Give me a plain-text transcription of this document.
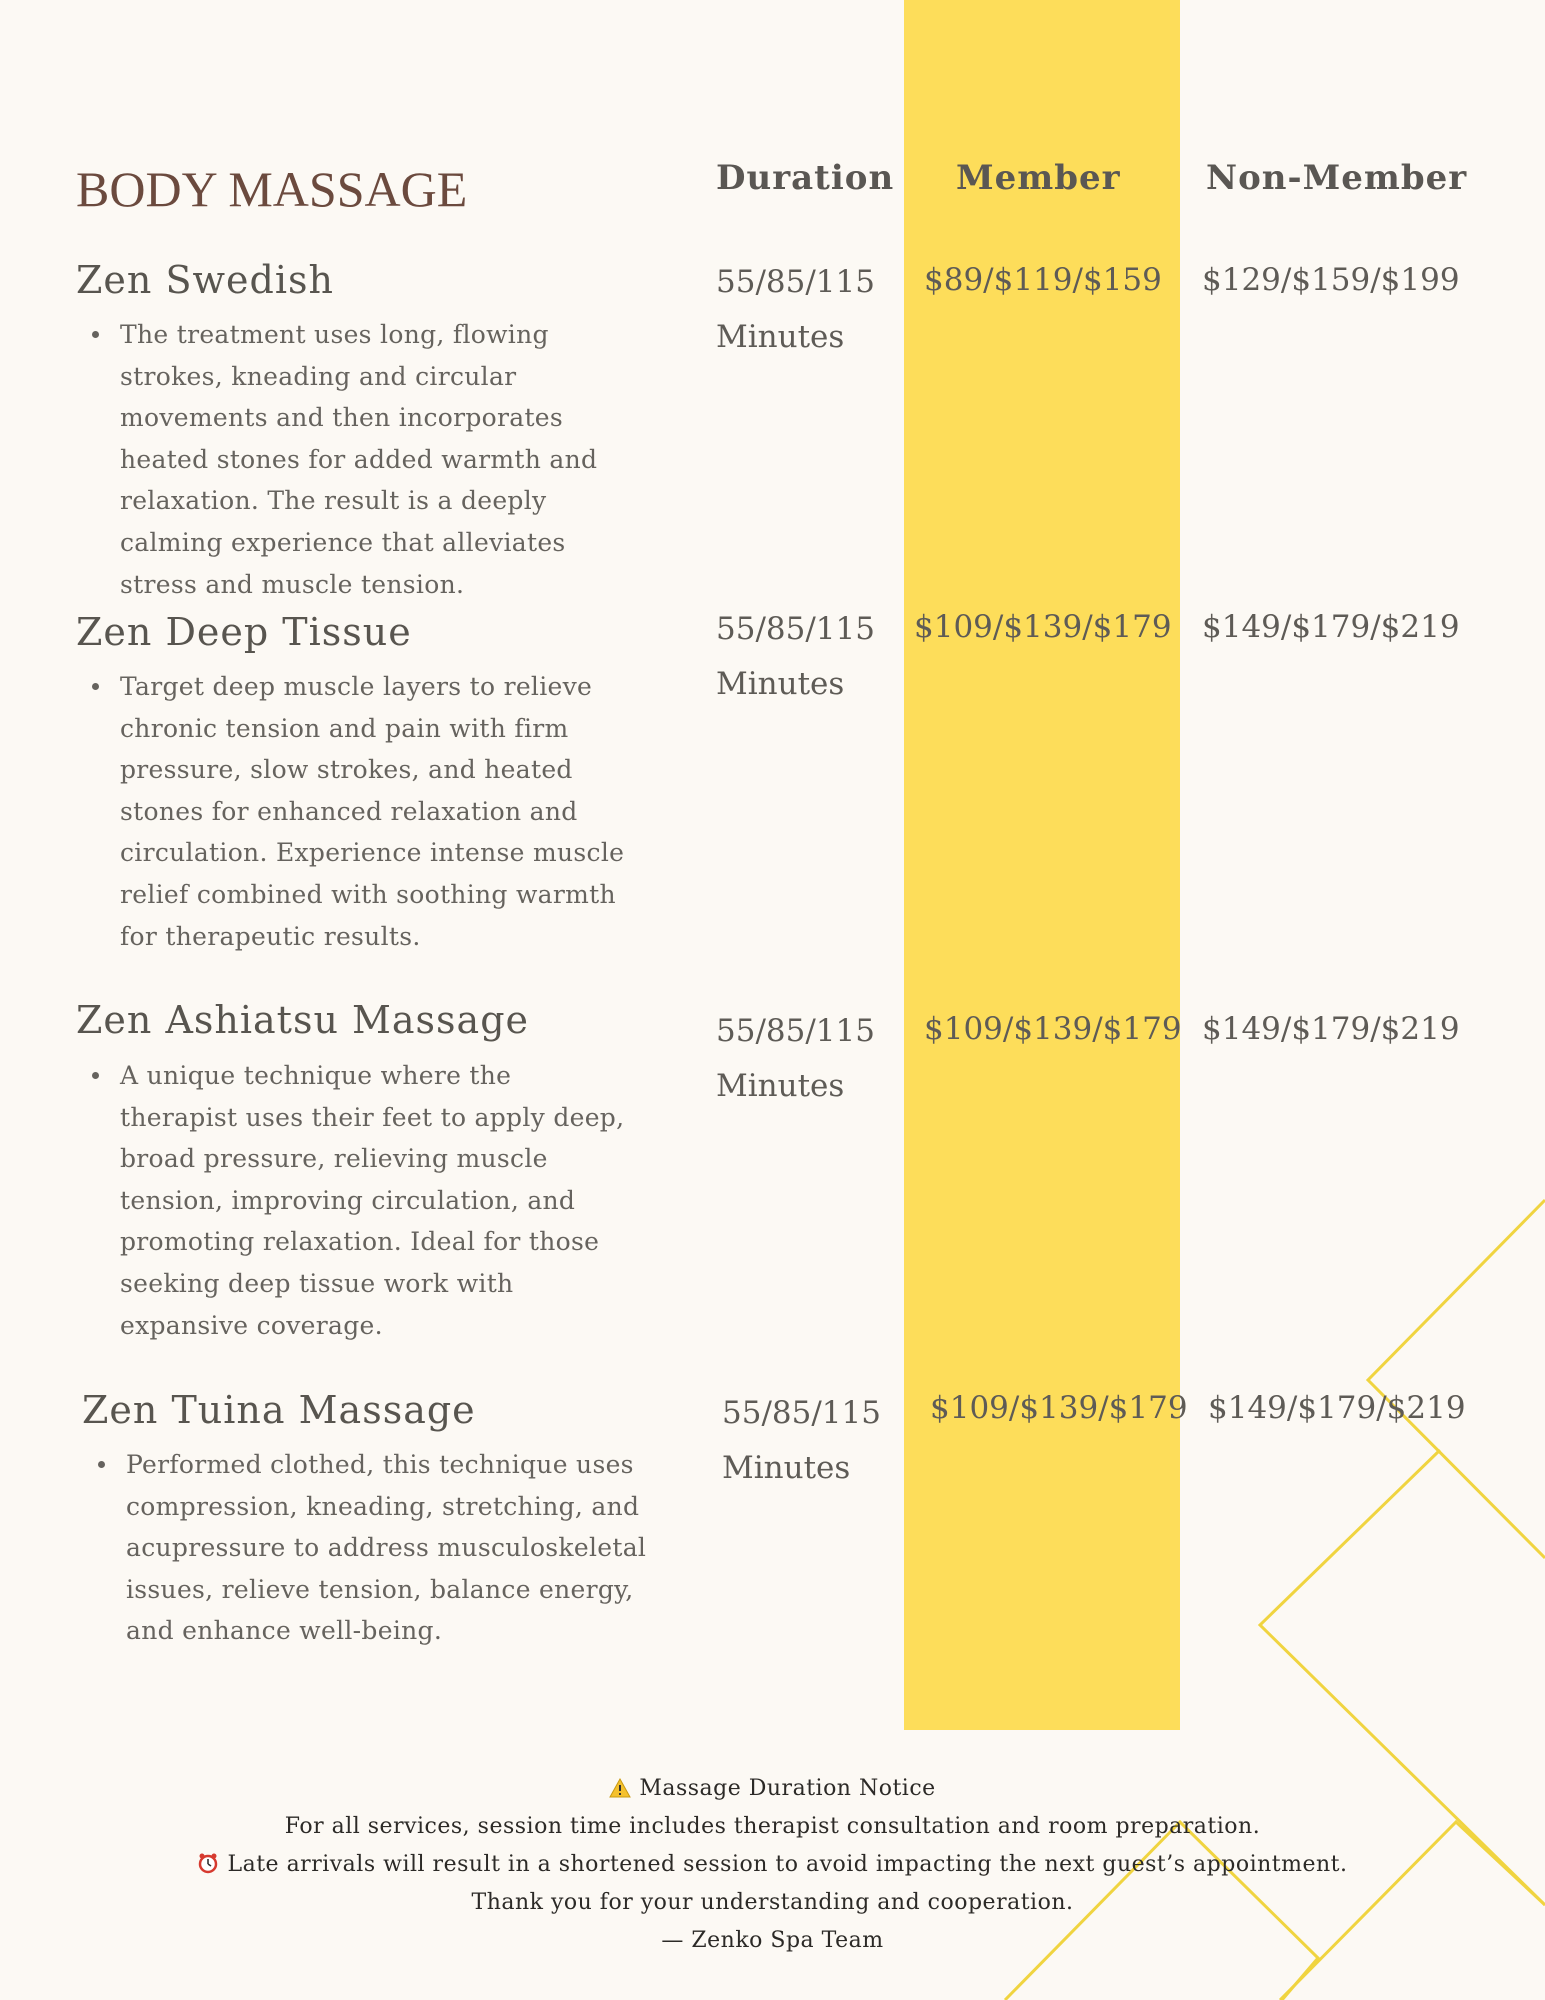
BODY MASSAGE	Duration Member	Non-Member
Zen Swedish
The treatment uses long, flowing strokes, kneading and circular movements and then incorporates heated stones for added warmth and relaxation. The result is a deeply calming experience that alleviates stress and muscle tension.

55/85/115 Minutes

$89/$119/$159 $129/$159/$199

Zen Deep Tissue
Target deep muscle layers to relieve chronic tension and pain with firm pressure, slow strokes, and heated stones for enhanced relaxation and circulation. Experience intense muscle relief combined with soothing warmth for therapeutic results.

55/85/115 Minutes

$109/$139/$179 $149/$179/$219

Zen Ashiatsu Massage
A unique technique where the therapist uses their feet to apply deep, broad pressure, relieving muscle tension, improving circulation, and promoting relaxation. Ideal for those seeking deep tissue work with expansive coverage.

55/85/115 Minutes

$109/$139/$179 $149/$179/$219

Zen Tuina Massage
Performed clothed, this technique uses compression, kneading, stretching, and acupressure to address musculoskeletal issues, relieve tension, balance energy, and enhance well-being.

55/85/115 Minutes

$109/$139/$179 $149/$179/$219

Massage Duration Notice

For all services, session time includes therapist consultation and room preparation.

Late arrivals will result in a shortened session to avoid impacting the next guest’s appointment.

Thank you for your understanding and cooperation.

— Zenko Spa Team
